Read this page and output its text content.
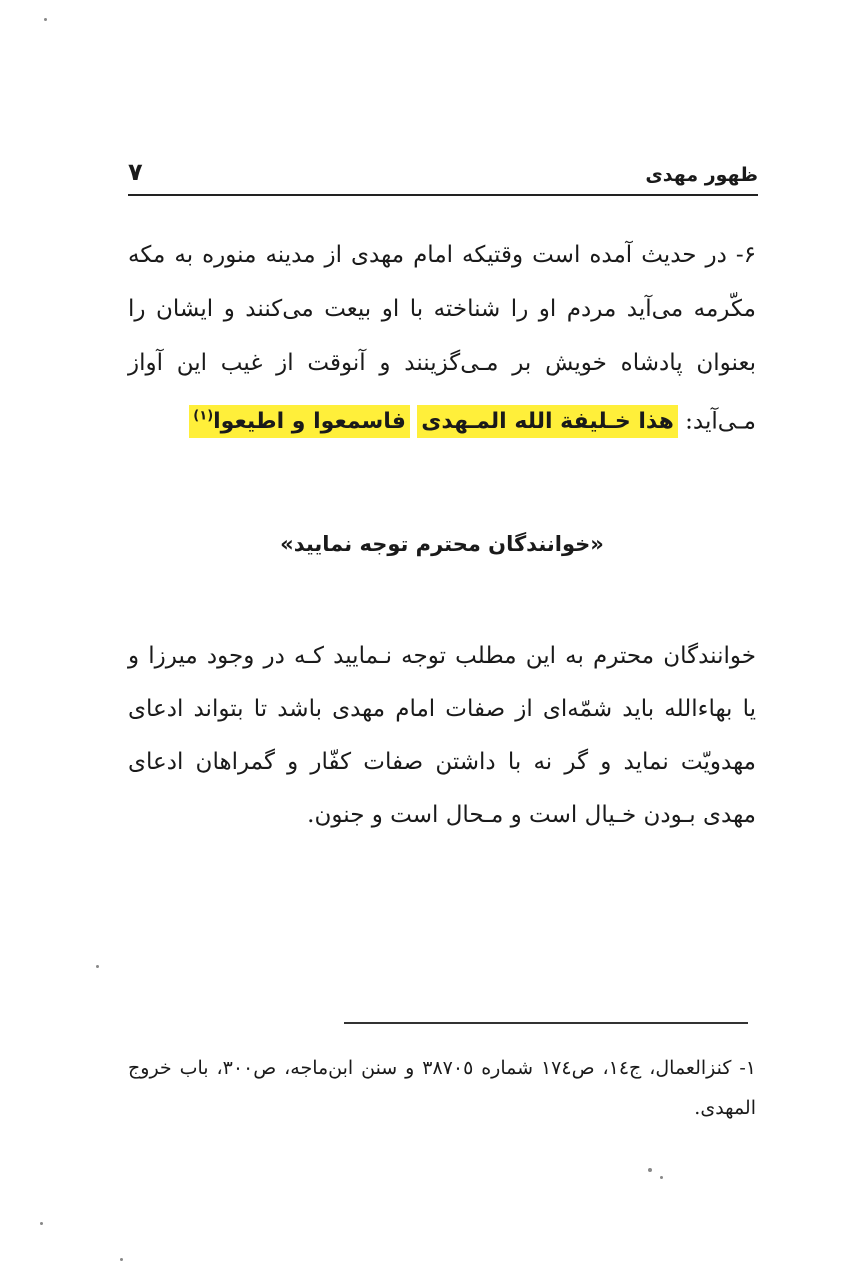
ظهور مهدی
۷
۶- در حدیث آمده است وقتیکه امام مهدی از مدینه منوره به مکه مکّرمه می‌آید مردم او را شناخته با او بیعت می‌کنند و ایشان را بعنوان پادشاه خویش بر مـی‌گزینند و آنوقت از غیب این آواز مـی‌آید: هذا خـليفة الله المـهدی فاسمعوا و اطیعوا$^{(۱)}$
«خوانندگان محترم توجه نمایید»
خوانندگان محترم به این مطلب توجه نـمایید کـه در وجود میرزا و یا بهاءالله باید شمّه‌ای از صفات امام مهدی باشد تا بتواند ادعای مهدویّت نماید و گر نه با داشتن صفات کفّار و گمراهان ادعای مهدی بـودن خـیال است و مـحال است و جنون.
۱- كنزالعمال، ج١٤، ص١٧٤ شماره ٣٨٧٠٥ و سنن ابن‌ماجه، ص٣٠٠، باب خروج المهدی.
